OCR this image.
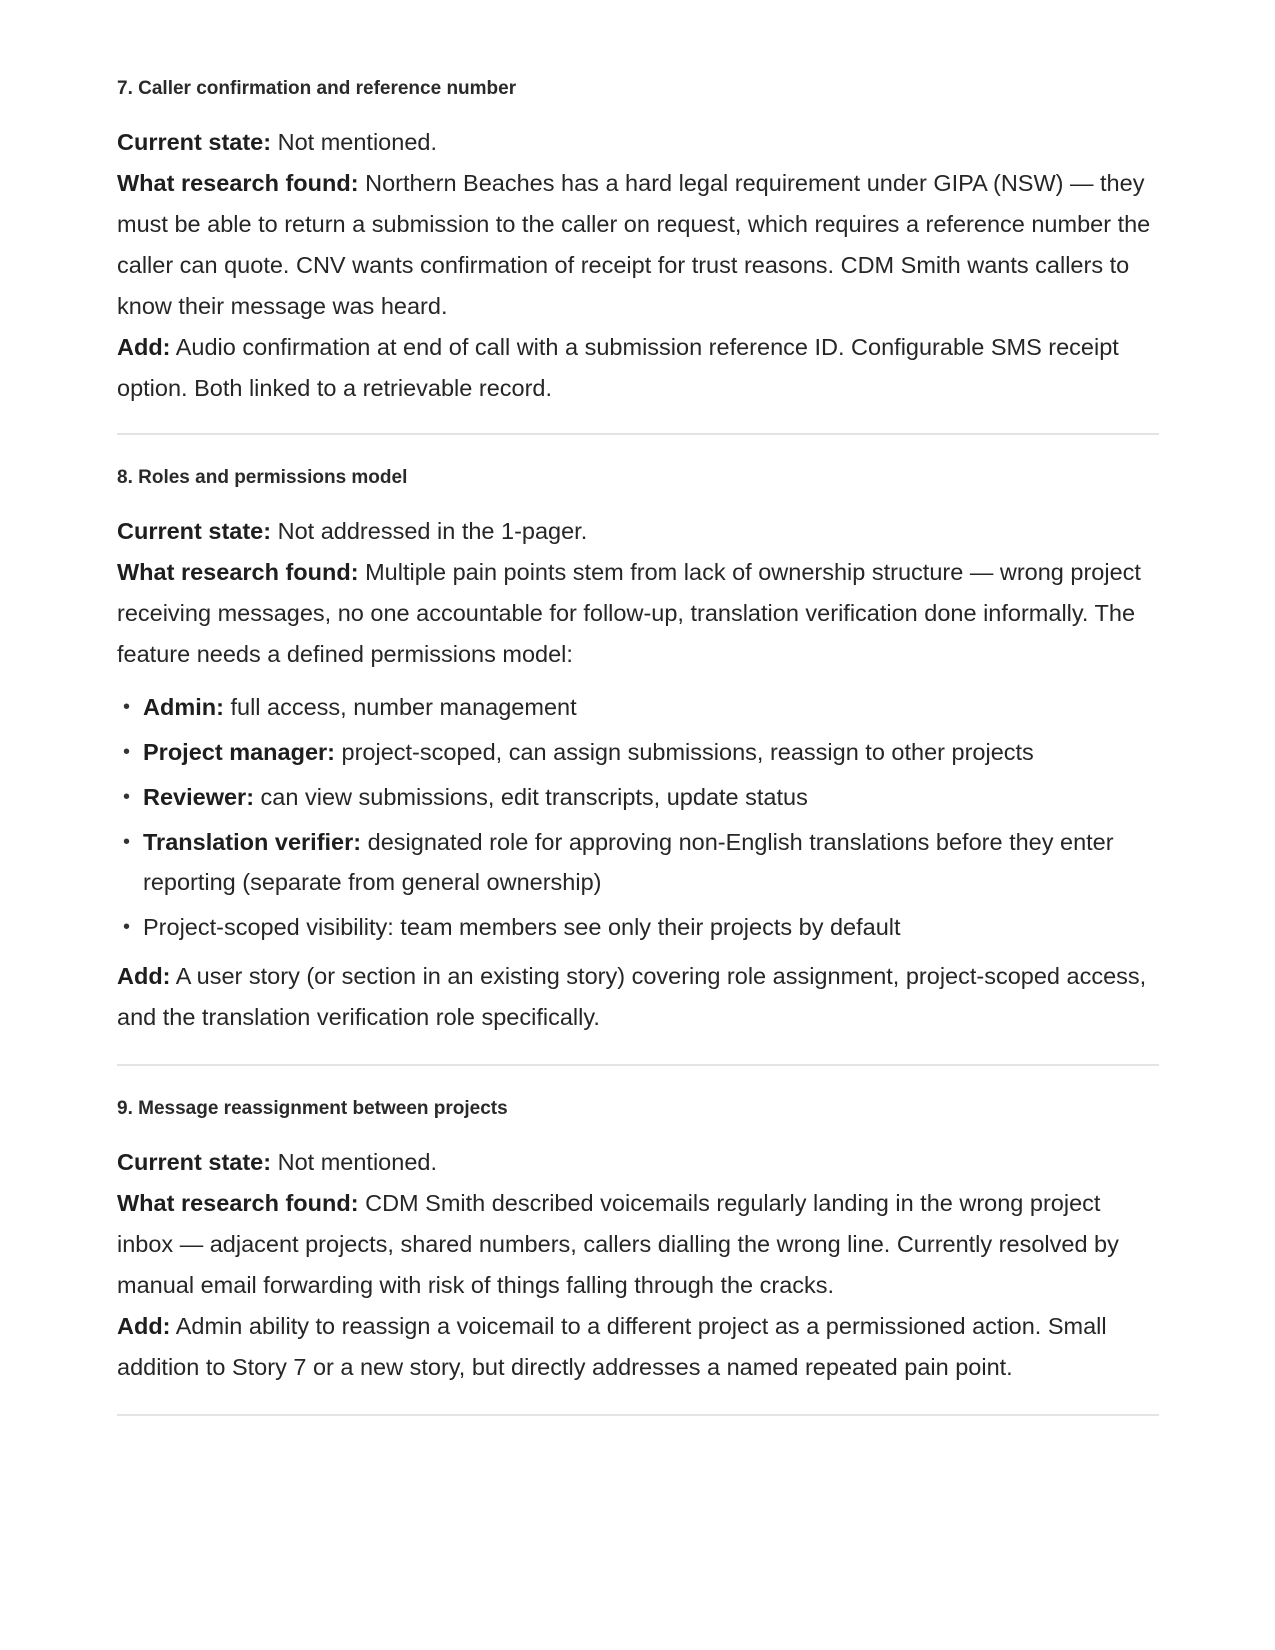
7. Caller confirmation and reference number

Current state: Not mentioned.

What research found: Northern Beaches has a hard legal requirement under GIPA (NSW) — they must be able to return a submission to the caller on request, which requires a reference number the caller can quote. CNV wants confirmation of receipt for trust reasons. CDM Smith wants callers to know their message was heard.

Add: Audio confirmation at end of call with a submission reference ID. Configurable SMS receipt option. Both linked to a retrievable record.

8. Roles and permissions model

Current state: Not addressed in the 1-pager.

What research found: Multiple pain points stem from lack of ownership structure — wrong project receiving messages, no one accountable for follow-up, translation verification done informally. The feature needs a defined permissions model:

• Admin: full access, number management
• Project manager: project-scoped, can assign submissions, reassign to other projects
• Reviewer: can view submissions, edit transcripts, update status
• Translation verifier: designated role for approving non-English translations before they enter reporting (separate from general ownership)
• Project-scoped visibility: team members see only their projects by default

Add: A user story (or section in an existing story) covering role assignment, project-scoped access, and the translation verification role specifically.

9. Message reassignment between projects

Current state: Not mentioned.

What research found: CDM Smith described voicemails regularly landing in the wrong project inbox — adjacent projects, shared numbers, callers dialling the wrong line. Currently resolved by manual email forwarding with risk of things falling through the cracks.

Add: Admin ability to reassign a voicemail to a different project as a permissioned action. Small addition to Story 7 or a new story, but directly addresses a named repeated pain point.
